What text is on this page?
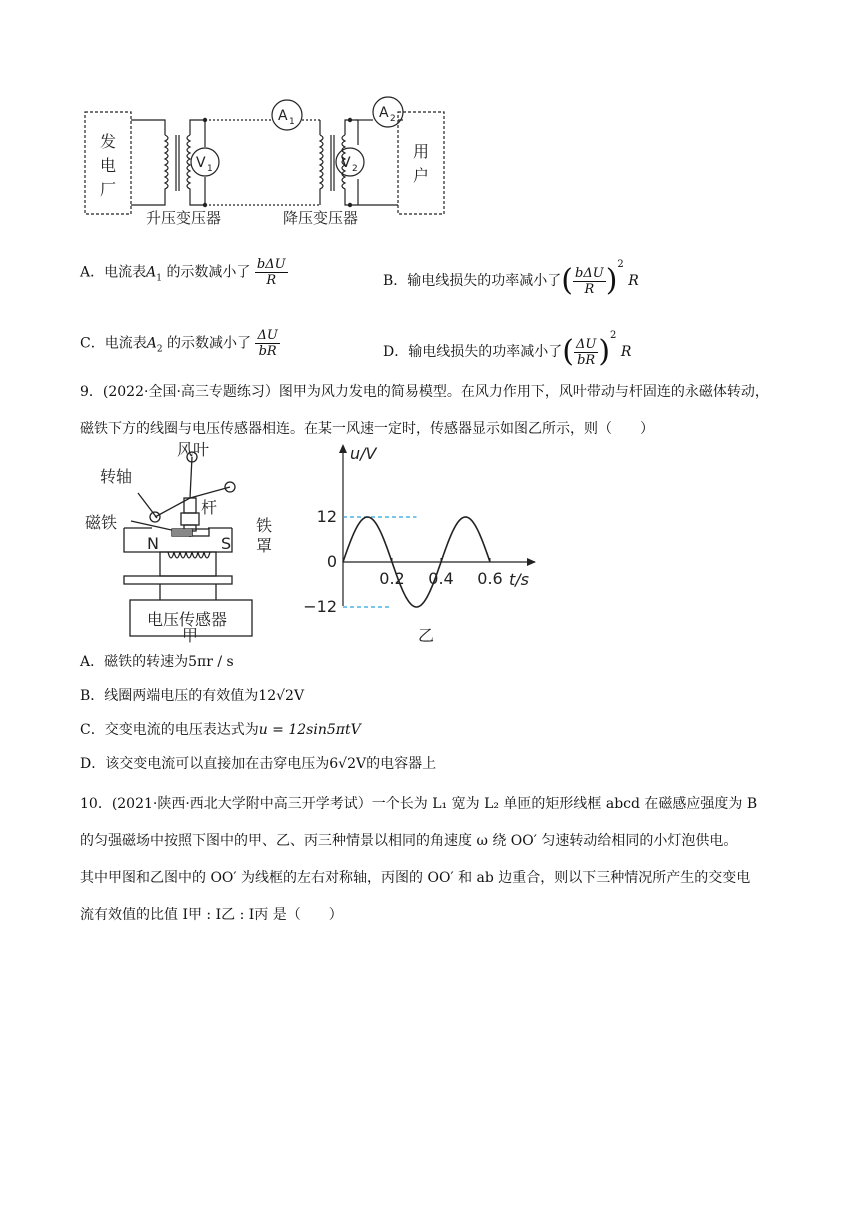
发
电
厂
用
户
V 1	V 2
A 1
A 2
升压变压器	降压变压器
A．电流表$A_1$ 的示数减小了 $\frac{\text{bΔU}}{R}$	B．输电线损失的功率减小了( $\frac{\text{bΔU}}{R} )^2$ R
C．电流表$A_2$ 的示数减小了 $\frac{\Delta U}{bR}$	D．输电线损失的功率减小了( $\frac{\Delta U}{bR} )^2$ R
9．(2022·全国·高三专题练习）图甲为风力发电的简易模型。在风力作用下，风叶带动与杆固连的永磁体转动，磁铁下方的线圈与电压传感器相连。在某一风速一定时，传感器显示如图乙所示，则（　　）
风叶
转轴
杆
磁铁	铁
罩
N	S
电压传感器
甲
12
0
−12
0.2 0.4 0.6
u/V
t/s
乙
A．磁铁的转速为5πr / s
B．线圈两端电压的有效值为12√2V
C．交变电流的电压表达式为u = 12sin5πtV
D．该交变电流可以直接加在击穿电压为6√2V的电容器上
10．(2021·陕西·西北大学附中高三开学考试）一个长为 L₁ 宽为 L₂ 单匝的矩形线框 abcd 在磁感应强度为 B
的匀强磁场中按照下图中的甲、乙、丙三种情景以相同的角速度 ω 绕 OO′ 匀速转动给相同的小灯泡供电。
其中甲图和乙图中的 OO′ 为线框的左右对称轴，丙图的 OO′ 和 ab 边重合，则以下三种情况所产生的交变电
流有效值的比值 I甲 : I乙 : I丙 是（　　）
